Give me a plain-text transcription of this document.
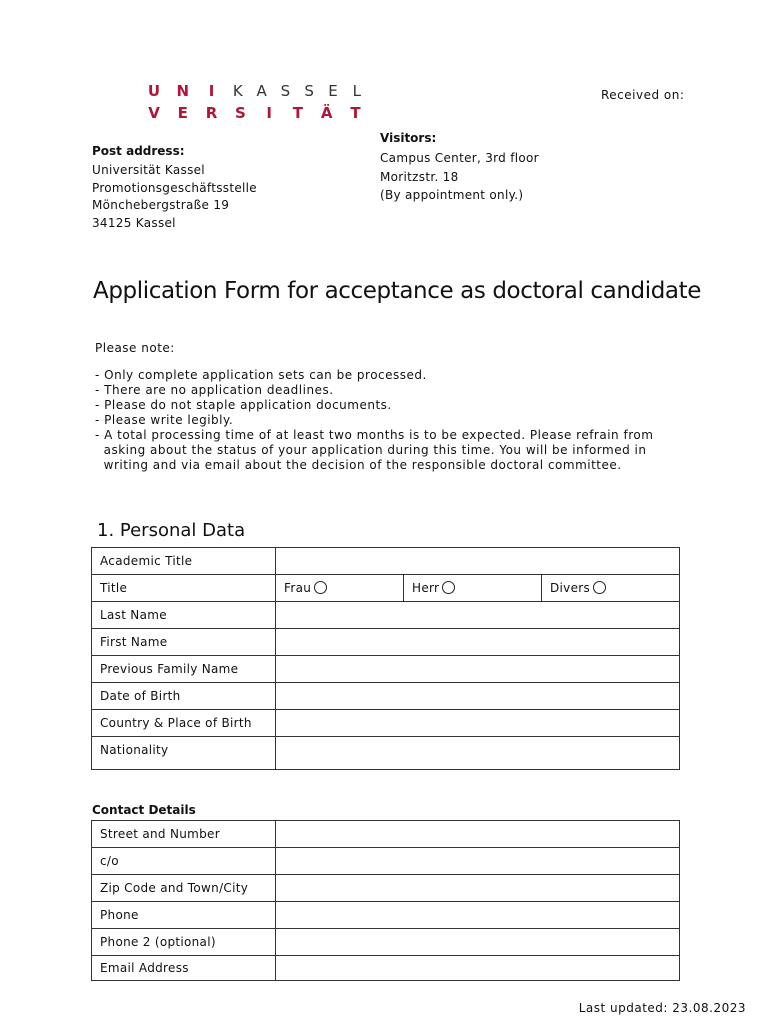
U N I K A S S E L
V E R S I T Ä T
Received on:
Post address:
Universität Kassel
Promotionsgeschäftsstelle
Mönchebergstraße 19
34125 Kassel
Visitors:
Campus Center, 3rd floor
Moritzstr. 18
(By appointment only.)
Application Form for acceptance as doctoral candidate
Please note:
- Only complete application sets can be processed.
- There are no application deadlines.
- Please do not staple application documents.
- Please write legibly.
- A total processing time of at least two months is to be expected. Please refrain from
asking about the status of your application during this time. You will be informed in
writing and via email about the decision of the responsible doctoral committee.
1. Personal Data
Academic Title			
Title	Frau	Herr	Divers
Last Name			
First Name			
Previous Family Name			
Date of Birth			
Country & Place of Birth			
Nationality			
Contact Details
Street and Number	
c/o	
Zip Code and Town/City	
Phone	
Phone 2 (optional)	
Email Address	
Last updated: 23.08.2023
